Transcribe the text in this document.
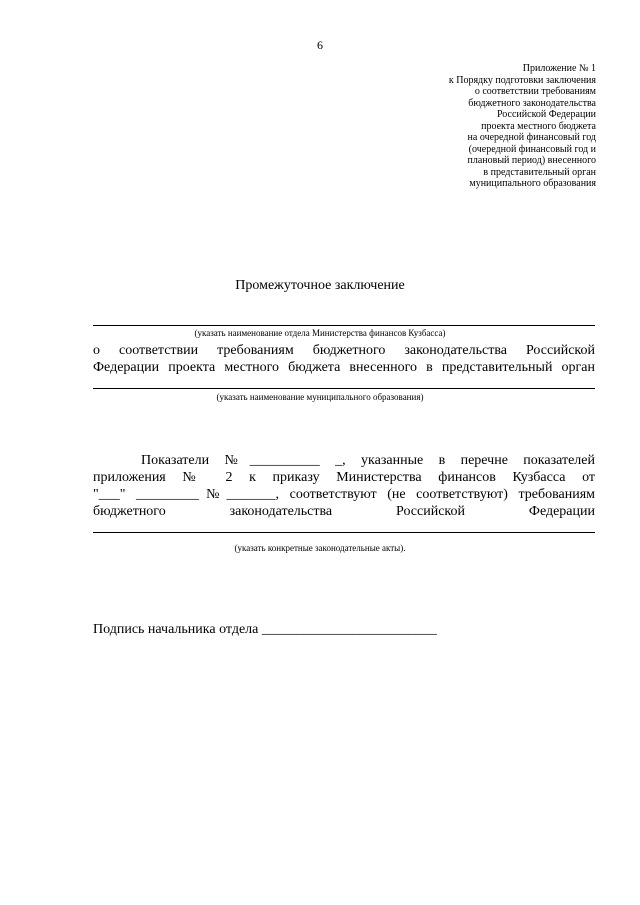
6
Приложение № 1
к Порядку подготовки заключения
о соответствии требованиям
бюджетного законодательства
Российской Федерации
проекта местного бюджета
на очередной финансовый год
(очередной финансовый год и
плановый период) внесенного
в представительный орган
муниципального образования
Промежуточное заключение
(указать наименование отдела Министерства финансов Кузбасса)
о соответствии требованиям бюджетного законодательства Российской
Федерации проекта местного бюджета внесенного в представительный орган
(указать наименование муниципального образования)
Показатели №__________ _, указанные в перечне показателей
приложения № 2 к приказу Министерства финансов Кузбасса от
"___" _________№_______, соответствуют (не соответствуют) требованиям
бюджетного законодательства Российской Федерации
(указать конкретные законодательные акты).
Подпись начальника отдела _________________________
